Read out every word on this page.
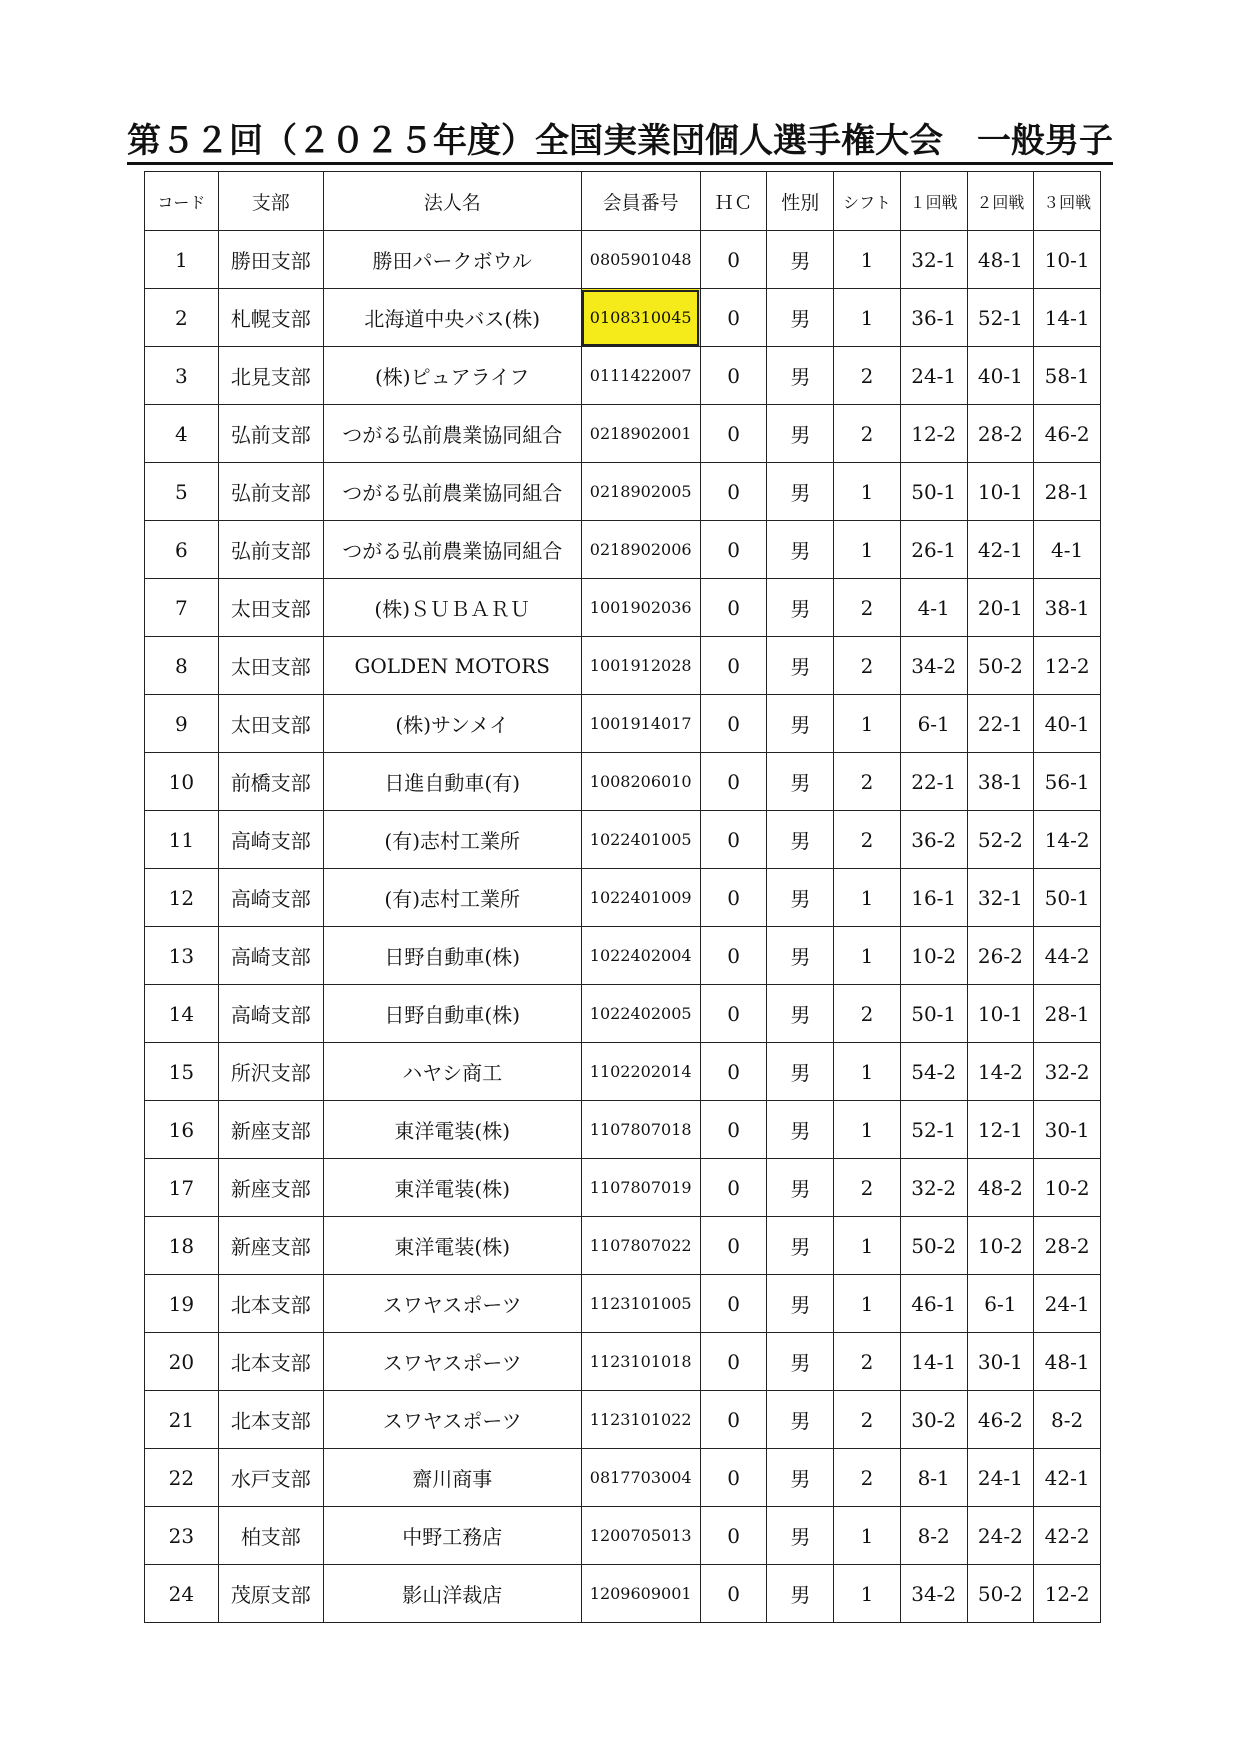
第５２回（２０２５年度）全国実業団個人選手権大会　一般男子
コード	支部	法人名	会員番号	ＨＣ	性別	シフト	１回戦	２回戦	３回戦
1	勝田支部	勝田パークボウル	0805901048	0	男	1	32-1	48-1	10-1
2	札幌支部	北海道中央バス(株)	0108310045	0	男	1	36-1	52-1	14-1
3	北見支部	(株)ピュアライフ	0111422007	0	男	2	24-1	40-1	58-1
4	弘前支部	つがる弘前農業協同組合	0218902001	0	男	2	12-2	28-2	46-2
5	弘前支部	つがる弘前農業協同組合	0218902005	0	男	1	50-1	10-1	28-1
6	弘前支部	つがる弘前農業協同組合	0218902006	0	男	1	26-1	42-1	4-1
7	太田支部	(株)ＳＵＢＡＲＵ	1001902036	0	男	2	4-1	20-1	38-1
8	太田支部	GOLDEN MOTORS	1001912028	0	男	2	34-2	50-2	12-2
9	太田支部	(株)サンメイ	1001914017	0	男	1	6-1	22-1	40-1
10	前橋支部	日進自動車(有)	1008206010	0	男	2	22-1	38-1	56-1
11	高崎支部	(有)志村工業所	1022401005	0	男	2	36-2	52-2	14-2
12	高崎支部	(有)志村工業所	1022401009	0	男	1	16-1	32-1	50-1
13	高崎支部	日野自動車(株)	1022402004	0	男	1	10-2	26-2	44-2
14	高崎支部	日野自動車(株)	1022402005	0	男	2	50-1	10-1	28-1
15	所沢支部	ハヤシ商工	1102202014	0	男	1	54-2	14-2	32-2
16	新座支部	東洋電装(株)	1107807018	0	男	1	52-1	12-1	30-1
17	新座支部	東洋電装(株)	1107807019	0	男	2	32-2	48-2	10-2
18	新座支部	東洋電装(株)	1107807022	0	男	1	50-2	10-2	28-2
19	北本支部	スワヤスポーツ	1123101005	0	男	1	46-1	6-1	24-1
20	北本支部	スワヤスポーツ	1123101018	0	男	2	14-1	30-1	48-1
21	北本支部	スワヤスポーツ	1123101022	0	男	2	30-2	46-2	8-2
22	水戸支部	齋川商事	0817703004	0	男	2	8-1	24-1	42-1
23	柏支部	中野工務店	1200705013	0	男	1	8-2	24-2	42-2
24	茂原支部	影山洋裁店	1209609001	0	男	1	34-2	50-2	12-2
